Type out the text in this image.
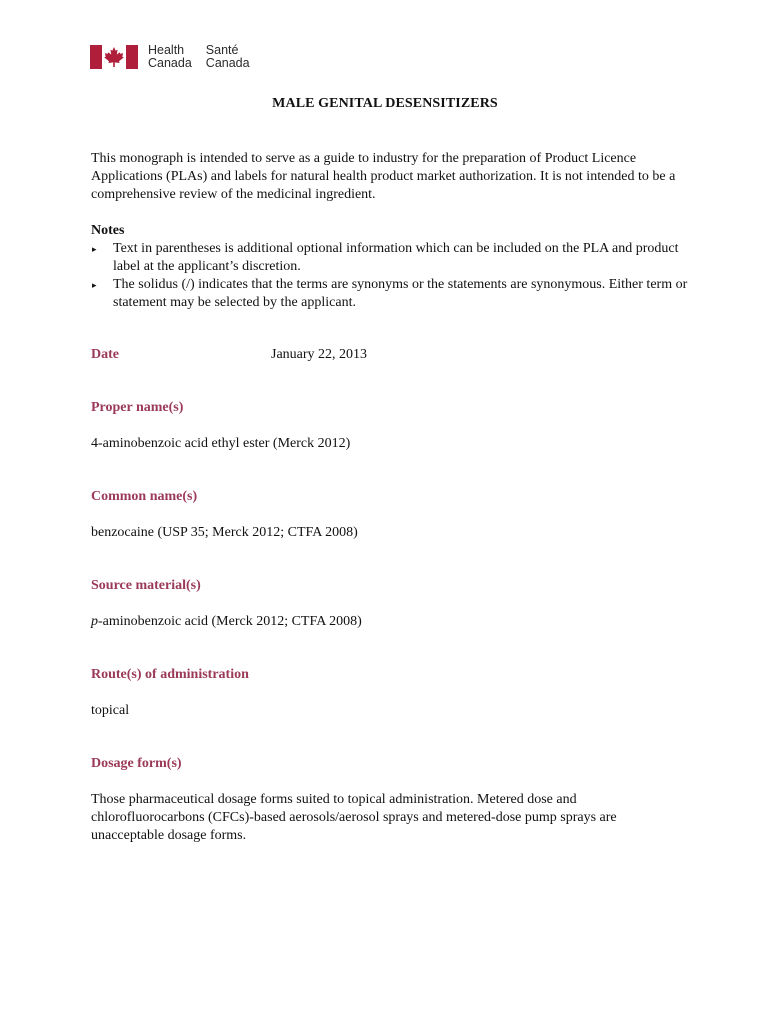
Health
Canada
Santé
Canada
MALE GENITAL DESENSITIZERS

This monograph is intended to serve as a guide to industry for the preparation of Product Licence Applications (PLAs) and labels for natural health product market authorization. It is not intended to be a comprehensive review of the medicinal ingredient.

Notes
▸ Text in parentheses is additional optional information which can be included on the PLA and product label at the applicant’s discretion.
▸ The solidus (/) indicates that the terms are synonyms or the statements are synonymous. Either term or statement may be selected by the applicant.
Date	January 22, 2013
Proper name(s)
4-aminobenzoic acid ethyl ester (Merck 2012)
Common name(s)
benzocaine (USP 35; Merck 2012; CTFA 2008)
Source material(s)
p-aminobenzoic acid (Merck 2012; CTFA 2008)
Route(s) of administration
topical
Dosage form(s)
Those pharmaceutical dosage forms suited to topical administration. Metered dose and chlorofluorocarbons (CFCs)-based aerosols/aerosol sprays and metered-dose pump sprays are unacceptable dosage forms.
